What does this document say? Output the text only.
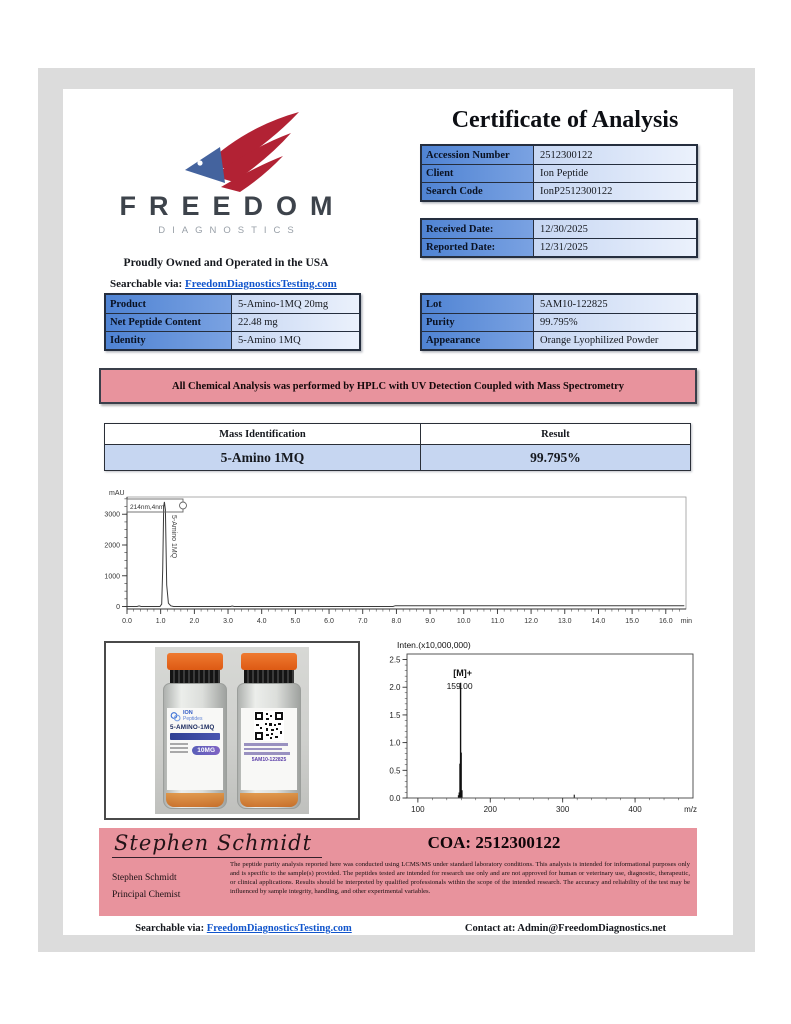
FREEDOM
DIAGNOSTICS
Proudly Owned and Operated in the USA
Searchable via: FreedomDiagnosticsTesting.com
Certificate of Analysis
Accession Number	2512300122
Client	Ion Peptide
Search Code	IonP2512300122
Received Date:	12/30/2025
Reported Date:	12/31/2025
Product	5-Amino-1MQ 20mg
Net Peptide Content	22.48 mg
Identity	5-Amino 1MQ
Lot	5AM10-122825
Purity	99.795%
Appearance	Orange Lyophilized Powder
All Chemical Analysis was performed by HPLC with UV Detection Coupled with Mass Spectrometry
Mass Identification	Result
5-Amino 1MQ	99.795%
mAU
0
1000
2000
3000
0.0	1.0	2.0	3.0	4.0	5.0	6.0	7.0	8.0	9.0	10.0	11.0	12.0	13.0	14.0	15.0	16.0 min
214nm,4nm
5-Amino 1MQ
ION
Peptides
5-AMINO-1MQ
10MG
5AM10-122825
Inten.(x10,000,000)
0.0
0.5
1.0
1.5
2.0
2.5
100	200	300	400	m/z
[M]+
159.00
Stephen Schmidt
Stephen Schmidt
Principal Chemist
COA: 2512300122
The peptide purity analysis reported here was conducted using LCMS/MS under standard laboratory conditions. This analysis is intended for informational purposes only and is specific to the sample(s) provided. The peptides tested are intended for research use only and are not approved for human or veterinary use, diagnostic, therapeutic, or clinical applications. Results should be interpreted by qualified professionals within the scope of the intended research. The accuracy and reliability of the test may be influenced by sample integrity, handling, and other experimental variables.
Searchable via: FreedomDiagnosticsTesting.com	Contact at: Admin@FreedomDiagnostics.net
